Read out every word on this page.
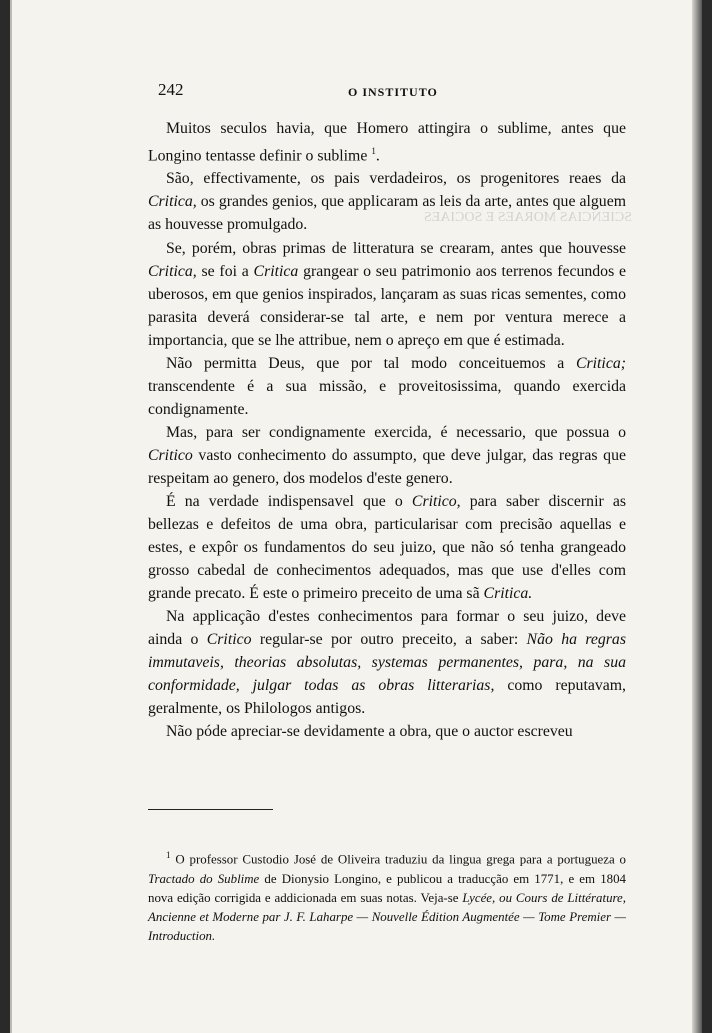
SCIENCIAS MORAES E SOCIAES
242	O INSTITUTO

Muitos seculos havia, que Homero attingira o sublime, antes que Longino tentasse definir o sublime $^1$.

São, effectivamente, os pais verdadeiros, os progenitores reaes da Critica, os grandes genios, que applicaram as leis da arte, antes que alguem as houvesse promulgado.

Se, porém, obras primas de litteratura se crearam, antes que houvesse Critica, se foi a Critica grangear o seu patrimonio aos terrenos fecundos e uberosos, em que genios inspirados, lançaram as suas ricas sementes, como parasita deverá considerar-se tal arte, e nem por ventura merece a importancia, que se lhe attribue, nem o apreço em que é estimada.

Não permitta Deus, que por tal modo conceituemos a Critica; transcendente é a sua missão, e proveitosissima, quando exercida condignamente.

Mas, para ser condignamente exercida, é necessario, que possua o Critico vasto conhecimento do assumpto, que deve julgar, das regras que respeitam ao genero, dos modelos d'este genero.

É na verdade indispensavel que o Critico, para saber discernir as bellezas e defeitos de uma obra, particularisar com precisão aquellas e estes, e expôr os fundamentos do seu juizo, que não só tenha grangeado grosso cabedal de conhecimentos adequados, mas que use d'elles com grande precato. É este o primeiro preceito de uma sã Critica.

Na applicação d'estes conhecimentos para formar o seu juizo, deve ainda o Critico regular-se por outro preceito, a saber: Não ha regras immutaveis, theorias absolutas, systemas permanentes, para, na sua conformidade, julgar todas as obras litterarias, como reputavam, geralmente, os Philologos antigos.

Não póde apreciar-se devidamente a obra, que o auctor escreveu

$^1$ O professor Custodio José de Oliveira traduziu da lingua grega para a portugueza o Tractado do Sublime de Dionysio Longino, e publicou a traducção em 1771, e em 1804 nova edição corrigida e addicionada em suas notas. Veja-se Lycée, ou Cours de Littérature, Ancienne et Moderne par J. F. Laharpe — Nouvelle Édition Augmentée — Tome Premier — Introduction.
